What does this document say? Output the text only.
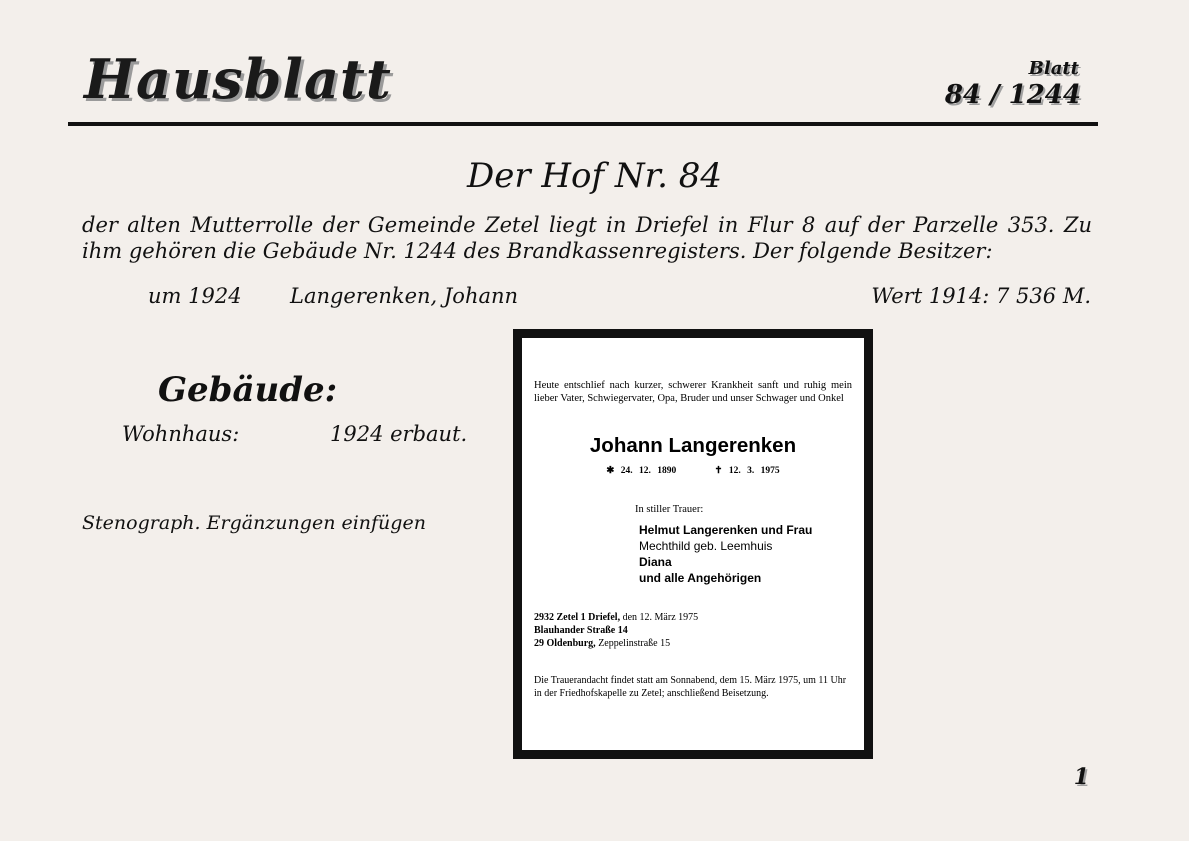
Hausblatt	Blatt
84 / 1244
Der Hof Nr. 84
der alten Mutterrolle der Gemeinde Zetel liegt in Driefel in Flur 8 auf der Parzelle 353. Zu ihm gehören die Gebäude Nr. 1244 des Brandkassenregisters. Der folgende Besitzer:
um 1924 Langerenken, Johann	Wert 1914: 7 536 M.
Gebäude:
Wohnhaus:	1924 erbaut.
Stenograph. Ergänzungen einfügen
Heute entschlief nach kurzer, schwerer Krankheit sanft und ruhig mein lieber Vater, Schwiegervater, Opa, Bruder und unser Schwager und Onkel
Johann Langerenken
✱ 24. 12. 1890	✝ 12. 3. 1975
In stiller Trauer:
Helmut Langerenken und Frau
Mechthild geb. Leemhuis
Diana
und alle Angehörigen
2932 Zetel 1 Driefel, den 12. März 1975
Blauhander Straße 14
29 Oldenburg, Zeppelinstraße 15
Die Trauerandacht findet statt am Sonnabend, dem 15. März 1975, um 11 Uhr in der Friedhofskapelle zu Zetel; anschließend Beisetzung.
1
